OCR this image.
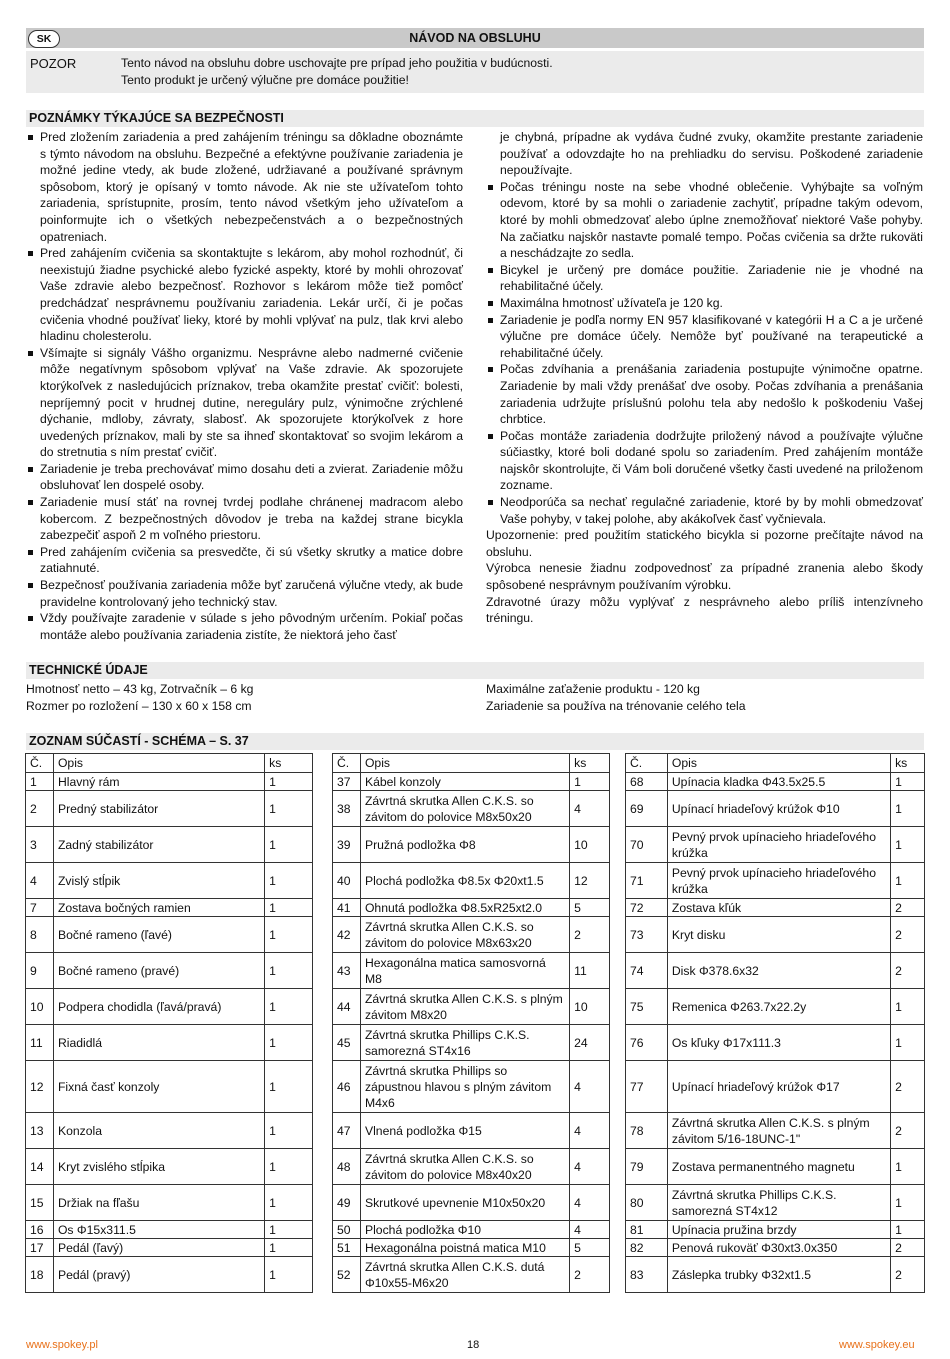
SK	NÁVOD NA OBSLUHU
POZOR	Tento návod na obsluhu dobre uschovajte pre prípad jeho použitia v budúcnosti.
Tento produkt je určený výlučne pre domáce použitie!
POZNÁMKY TÝKAJÚCE SA BEZPEČNOSTI

Pred zložením zariadenia a pred zahájením tréningu sa dôkladne oboznámte s týmto návodom na obsluhu. Bezpečné a efektývne používanie zariadenia je možné jedine vtedy, ak bude zložené, udržiavané a používané správnym spôsobom, ktorý je opísaný v tomto návode. Ak nie ste užívateľom tohto zariadenia, sprístupnite, prosím, tento návod všetkým jeho užívateľom a poinformujte ich o všetkých nebezpečenstvách a o bezpečnostných opatreniach.

Pred zahájením cvičenia sa skontaktujte s lekárom, aby mohol rozhodnúť, či neexistujú žiadne psychické alebo fyzické aspekty, ktoré by mohli ohrozovať Vaše zdravie alebo bezpečnosť. Rozhovor s lekárom môže tiež pomôcť predchádzať nesprávnemu používaniu zariadenia. Lekár určí, či je počas cvičenia vhodné používať lieky, ktoré by mohli vplývať na pulz, tlak krvi alebo hladinu cholesterolu.

Všímajte si signály Vášho organizmu. Nesprávne alebo nadmerné cvičenie môže negatívnym spôsobom vplývať na Vaše zdravie. Ak spozorujete ktorýkoľvek z nasledujúcich príznakov, treba okamžite prestať cvičiť: bolesti, nepríjemný pocit v hrudnej dutine, nereguláry pulz, výnimočne zrýchlené dýchanie, mdloby, závraty, slabosť. Ak spozorujete ktorýkoľvek z hore uvedených príznakov, mali by ste sa ihneď skontaktovať so svojim lekárom a do stretnutia s ním prestať cvičiť.

Zariadenie je treba prechovávať mimo dosahu deti a zvierat. Zariadenie môžu obsluhovať len dospelé osoby.

Zariadenie musí stáť na rovnej tvrdej podlahe chránenej madracom alebo kobercom. Z bezpečnostných dôvodov je treba na každej strane bicykla zabezpečiť aspoň 2 m voľného priestoru.

Pred zahájením cvičenia sa presvedčte, či sú všetky skrutky a matice dobre zatiahnuté.

Bezpečnosť používania zariadenia môže byť zaručená výlučne vtedy, ak bude pravidelne kontrolovaný jeho technický stav.

Vždy používajte zaradenie v súlade s jeho pôvodným určením. Pokiaľ počas montáže alebo používania zariadenia zistíte, že niektorá jeho časť

je chybná, prípadne ak vydáva čudné zvuky, okamžite prestante zariadenie používať a odovzdajte ho na prehliadku do servisu. Poškodené zariadenie nepoužívajte.

Počas tréningu noste na sebe vhodné oblečenie. Vyhýbajte sa voľným odevom, ktoré by sa mohli o zariadenie zachytiť, prípadne takým odevom, ktoré by mohli obmedzovať alebo úplne znemožňovať niektoré Vaše pohyby. Na začiatku najskôr nastavte pomalé tempo. Počas cvičenia sa držte rukoväti a neschádzajte zo sedla.

Bicykel je určený pre domáce použitie. Zariadenie nie je vhodné na rehabilitačné účely.

Maximálna hmotnosť užívateľa je 120 kg.

Zariadenie je podľa normy EN 957 klasifikované v kategórii H a C a je určené výlučne pre domáce účely. Nemôže byť používané na terapeutické a rehabilitačné účely.

Počas zdvíhania a prenášania zariadenia postupujte výnimočne opatrne. Zariadenie by mali vždy prenášať dve osoby. Počas zdvíhania a prenášania zariadenia udržujte príslušnú polohu tela aby nedošlo k poškodeniu Vašej chrbtice.

Počas montáže zariadenia dodržujte priložený návod a používajte výlučne súčiastky, ktoré boli dodané spolu so zariadením. Pred zahájením montáže najskôr skontrolujte, či Vám boli doručené všetky časti uvedené na priloženom zozname.

Neodporúča sa nechať regulačné zariadenie, ktoré by by mohli obmedzovať Vaše pohyby, v takej polohe, aby akákoľvek časť vyčnievala.

Upozornenie: pred použitím statického bicykla si pozorne prečítajte návod na obsluhu.

Výrobca nenesie žiadnu zodpovednosť za prípadné zranenia alebo škody spôsobené nesprávnym používaním výrobku.

Zdravotné úrazy môžu vyplývať z nesprávneho alebo príliš intenzívneho tréningu.

TECHNICKÉ ÚDAJE
Hmotnosť netto – 43 kg, Zotrvačník – 6 kg
Rozmer po rozložení – 130 x 60 x 158 cm
Maximálne zaťaženie produktu - 120 kg
Zariadenie sa používa na trénovanie celého tela
ZOZNAM SÚČASTÍ - SCHÉMA – S. 37
Č.	Opis	ks
1	Hlavný rám	1
2	Predný stabilizátor	1
3	Zadný stabilizátor	1
4	Zvislý stĺpik	1
7	Zostava bočných ramien	1
8	Bočné rameno (ľavé)	1
9	Bočné rameno (pravé)	1
10	Podpera chodidla (ľavá/pravá)	1
11	Riadidlá	1
12	Fixná časť konzoly	1
13	Konzola	1
14	Kryt zvislého stĺpika	1
15	Držiak na fľašu	1
16	Os Φ15x311.5	1
17	Pedál (ľavý)	1
18	Pedál (pravý)	1
Č.	Opis	ks
37	Kábel konzoly	1
38	Závrtná skrutka Allen C.K.S. so závitom do polovice M8x50x20	4
39	Pružná podložka Φ8	10
40	Plochá podložka Φ8.5x Φ20xt1.5	12
41	Ohnutá podložka Φ8.5xR25xt2.0	5
42	Závrtná skrutka Allen C.K.S. so závitom do polovice M8x63x20	2
43	Hexagonálna matica samosvorná M8	11
44	Závrtná skrutka Allen C.K.S. s plným závitom M8x20	10
45	Závrtná skrutka Phillips C.K.S. samorezná ST4x16	24
46	Závrtná skrutka Phillips so zápustnou hlavou s plným závitom M4x6	4
47	Vlnená podložka Φ15	4
48	Závrtná skrutka Allen C.K.S. so závitom do polovice M8x40x20	4
49	Skrutkové upevnenie M10x50x20	4
50	Plochá podložka Φ10	4
51	Hexagonálna poistná matica M10	5
52	Závrtná skrutka Allen C.K.S. dutá Φ10x55-M6x20	2
Č.	Opis	ks
68	Upínacia kladka Φ43.5x25.5	1
69	Upínací hriadeľový krúžok Φ10	1
70	Pevný prvok upínacieho hriadeľového krúžka	1
71	Pevný prvok upínacieho hriadeľového krúžka	1
72	Zostava kľúk	2
73	Kryt disku	2
74	Disk Φ378.6x32	2
75	Remenica Φ263.7x22.2y	1
76	Os kľuky Φ17x111.3	1
77	Upínací hriadeľový krúžok Φ17	2
78	Závrtná skrutka Allen C.K.S. s plným závitom 5/16-18UNC-1"	2
79	Zostava permanentného magnetu	1
80	Závrtná skrutka Phillips C.K.S. samorezná ST4x12	1
81	Upínacia pružina brzdy	1
82	Penová rukoväť Φ30xt3.0x350	2
83	Záslepka trubky Φ32xt1.5	2
www.spokey.pl	18	www.spokey.eu
